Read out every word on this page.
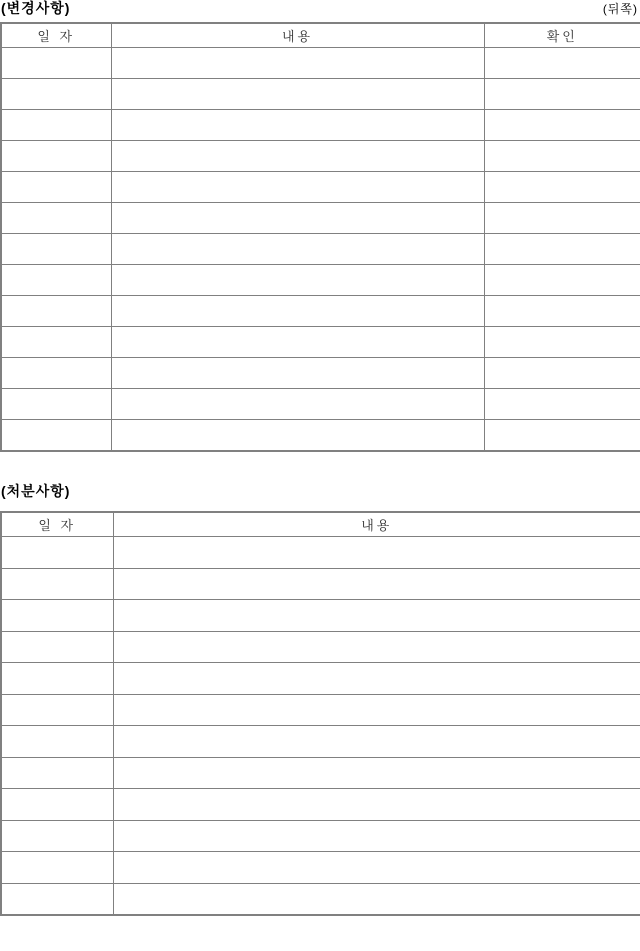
(변경사항)	(뒤쪽)
일 자	내용	확인

(처분사항)
일 자	내용
